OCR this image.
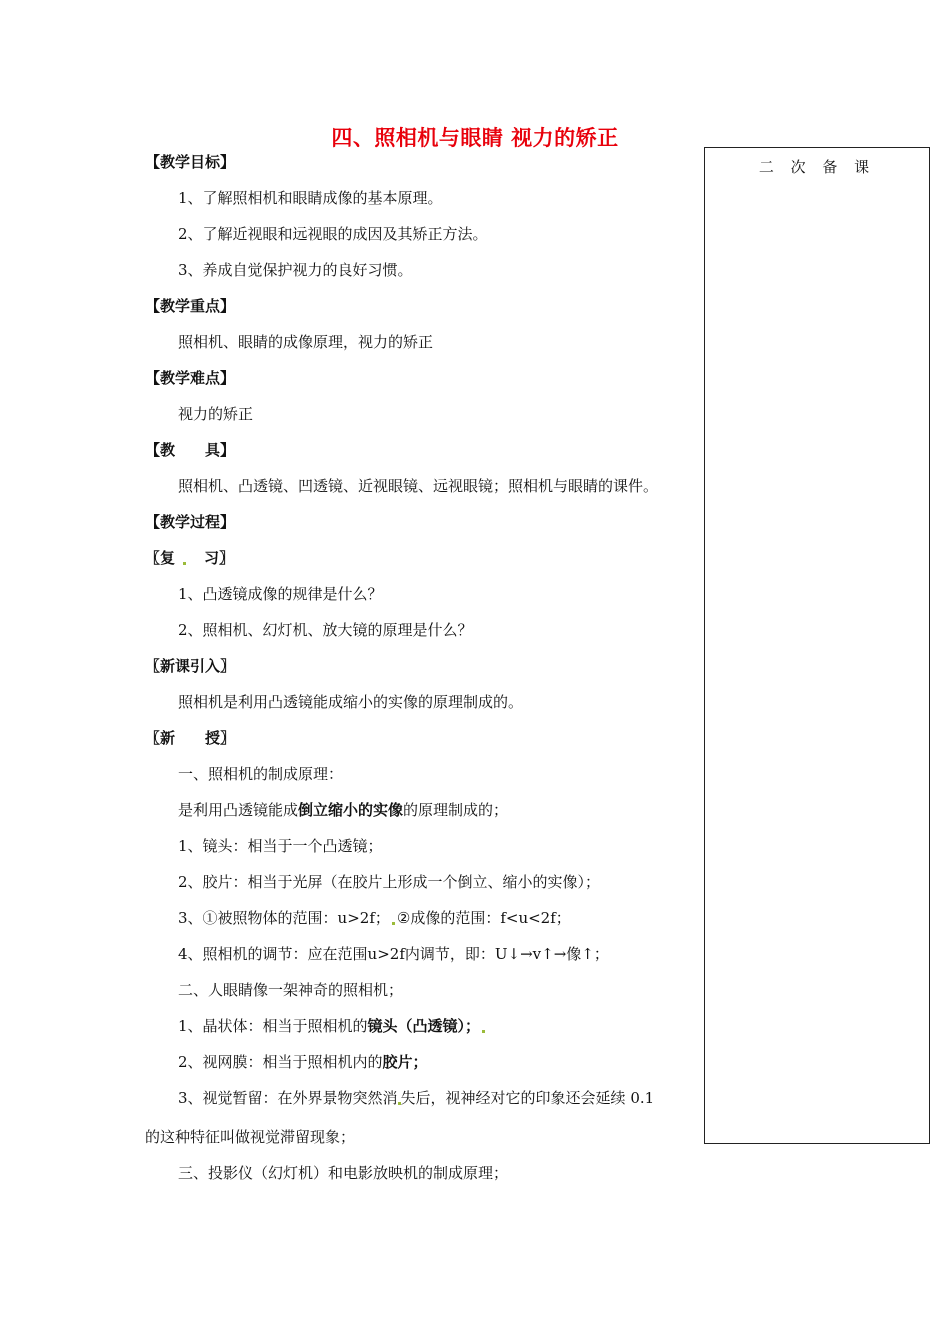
四、照相机与眼睛 视力的矫正
二 次 备 课
【教学目标】
1、了解照相机和眼睛成像的基本原理。
2、了解近视眼和远视眼的成因及其矫正方法。
3、养成自觉保护视力的良好习惯。
【教学重点】
照相机、眼睛的成像原理，视力的矫正
【教学难点】
视力的矫正
【教　　具】
照相机、凸透镜、凹透镜、近视眼镜、远视眼镜；照相机与眼睛的课件。
【教学过程】
〖复 习〗
1、凸透镜成像的规律是什么？
2、照相机、幻灯机、放大镜的原理是什么？
〖新课引入〗
照相机是利用凸透镜能成缩小的实像的原理制成的。
〖新　　授〗
一、照相机的制成原理：
是利用凸透镜能成倒立缩小的实像的原理制成的；
1、镜头：相当于一个凸透镜；
2、胶片：相当于光屏（在胶片上形成一个倒立、缩小的实像）；
3、①被照物体的范围：u>2f； ②成像的范围：f<u<2f；
4、照相机的调节：应在范围u>2f内调节，即：U↓→v↑→像↑；
二、人眼睛像一架神奇的照相机；
1、晶状体：相当于照相机的镜头（凸透镜）；
2、视网膜：相当于照相机内的胶片；
3、视觉暂留：在外界景物突然消 失后，视神经对它的印象还会延续 0.1
的这种特征叫做视觉滞留现象；
三、投影仪（幻灯机）和电影放映机的制成原理；
